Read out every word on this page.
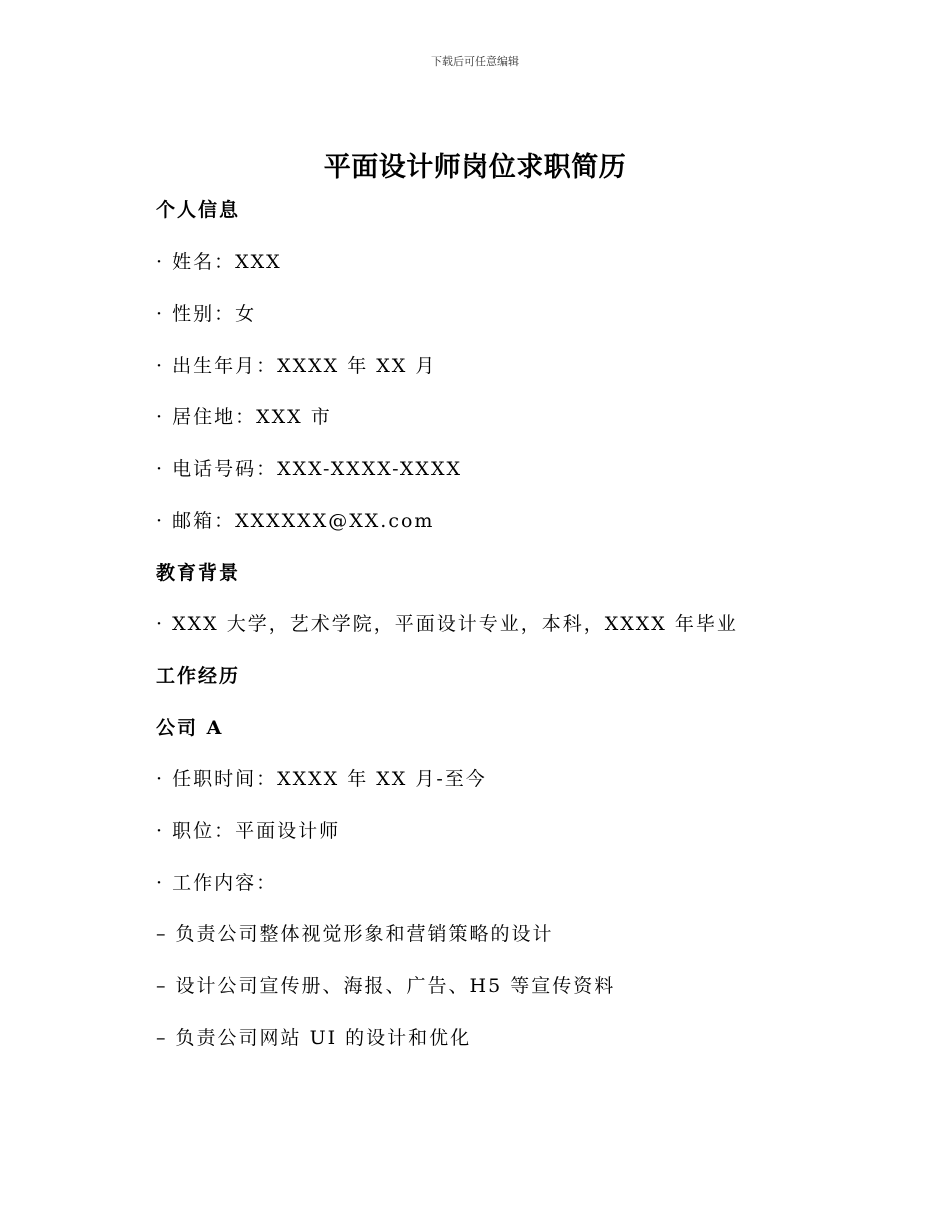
下载后可任意编辑
平面设计师岗位求职简历
个人信息
· 姓名：XXX
· 性别：女
· 出生年月：XXXX 年 XX 月
· 居住地：XXX 市
· 电话号码：XXX-XXXX-XXXX
· 邮箱：XXXXXX@XX.com
教育背景
· XXX 大学，艺术学院，平面设计专业，本科，XXXX 年毕业
工作经历
公司 A
· 任职时间：XXXX 年 XX 月-至今
· 职位：平面设计师
· 工作内容：
– 负责公司整体视觉形象和营销策略的设计
– 设计公司宣传册、海报、广告、H5 等宣传资料
– 负责公司网站 UI 的设计和优化
